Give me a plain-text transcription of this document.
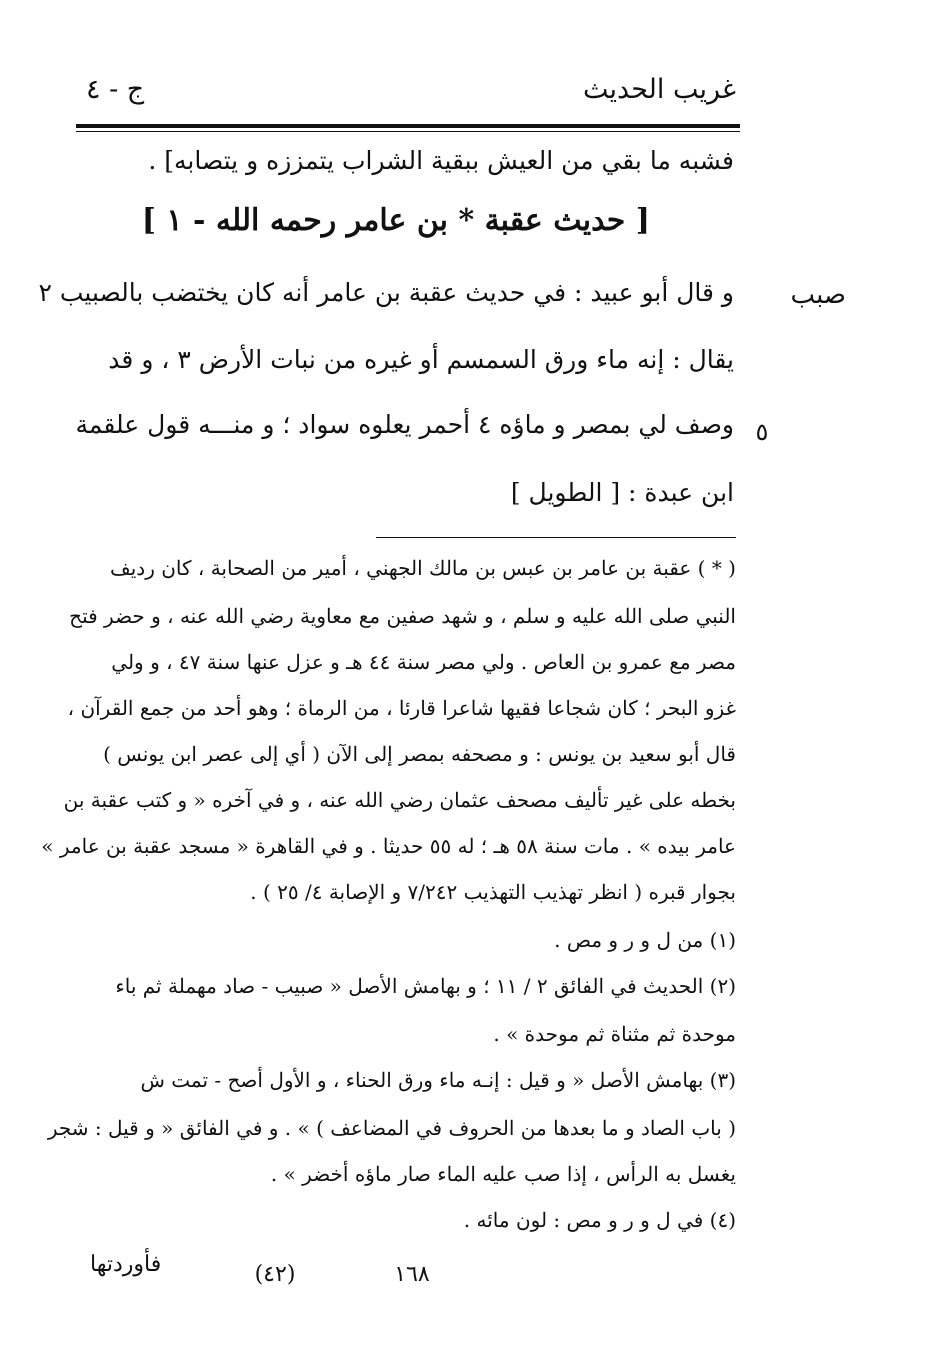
غريب الحديث
ج - ٤
فشبه ما بقي من العيش ببقية الشراب يتمززه و يتصابه] .
[ حديث عقبة * بن عامر رحمه الله - ١ ]
صبب
و قال أبو عبيد : في حديث عقبة بن عامر أنه كان يختضب بالصبيب ٢
يقال : إنه ماء ورق السمسم أو غيره من نبات الأرض ٣ ، و قد
٥
وصف لي بمصر و ماؤه ٤ أحمر يعلوه سواد ؛ و منـــه قول علقمة
ابن عبدة : [ الطويل ]
( * ) عقبة بن عامر بن عبس بن مالك الجهني ، أمير من الصحابة ، كان رديف
النبي صلى الله عليه و سلم ، و شهد صفين مع معاوية رضي الله عنه ، و حضر فتح
مصر مع عمرو بن العاص . ولي مصر سنة ٤٤ هـ و عزل عنها سنة ٤٧ ، و ولي
غزو البحر ؛ كان شجاعا فقيها شاعرا قارئا ، من الرماة ؛ وهو أحد من جمع القرآن ،
قال أبو سعيد بن يونس : و مصحفه بمصر إلى الآن ( أي إلى عصر ابن يونس )
بخطه على غير تأليف مصحف عثمان رضي الله عنه ، و في آخره « و كتب عقبة بن
عامر بيده » . مات سنة ٥٨ هـ ؛ له ٥٥ حديثا . و في القاهرة « مسجد عقبة بن عامر »
بجوار قبره ( انظر تهذيب التهذيب ٧/٢٤٢ و الإصابة ٤/ ٢٥ ) .
(١) من ل و ر و مص .
(٢) الحديث في الفائق ٢ / ١١ ؛ و بهامش الأصل « صبيب - صاد مهملة ثم باء
موحدة ثم مثناة ثم موحدة » .
(٣) بهامش الأصل « و قيل : إنـه ماء ورق الحناء ، و الأول أصح - تمت ش
( باب الصاد و ما بعدها من الحروف في المضاعف ) » . و في الفائق « و قيل : شجر
يغسل به الرأس ، إذا صب عليه الماء صار ماؤه أخضر » .
(٤) في ل و ر و مص : لون مائه .
فأوردتها	(٤٢)	١٦٨
